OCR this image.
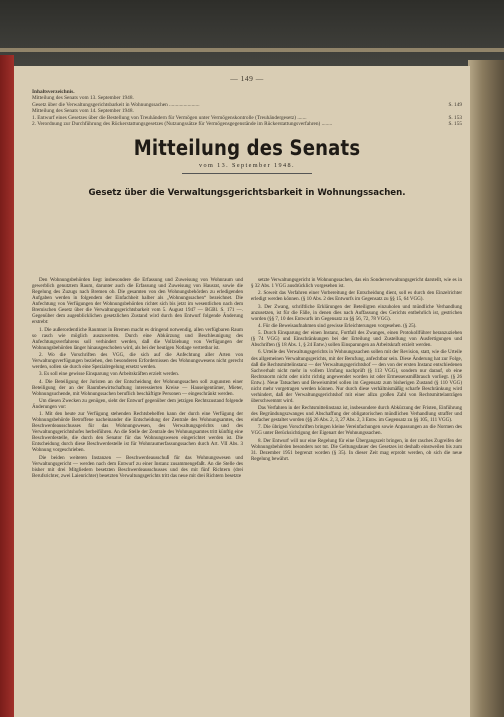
— 149 —
Inhaltsverzeichnis.
Mitteilung des Senats vom 13. September 1948.
Gesetz über die Verwaltungsgerichtsbarkeit in Wohnungssachen .......................	S. 149
Mitteilung des Senats vom 14. September 1948.
1. Entwurf eines Gesetzes über die Bestellung von Treuhändern für Vermögen unter Vermögenskontrolle (Treuhändergesetz) .......	S. 153
2. Verordnung zur Durchführung des Rückerstattungsgesetzes (Nutzungssätze für Vermögensgegenstände im Rückerstattungsverfahren) ........	S. 155
Mitteilung des Senats
vom 13. September 1948.
Gesetz über die Verwaltungsgerichtsbarkeit in Wohnungssachen.

Den Wohnungsbehörden liegt insbesondere die Erfassung und Zuweisung von Wohnraum und gewerblich genutztem Raum, darunter auch die Erfassung und Zuweisung von Hausrat, sowie die Regelung des Zuzugs nach Bremen ob. Die gesamten von den Wohnungsbehörden zu erledigenden Aufgaben werden in folgendem der Einfachheit halber als „Wohnungssachen“ bezeichnet. Die Anfechtung von Verfügungen der Wohnungsbehörden richtet sich bis jetzt im wesentlichen nach dem Bremischen Gesetz über die Verwaltungsgerichtsbarkeit vom 5. August 1947 — BGBl. S. 171 —. Gegenüber dem augenblicklichen gesetzlichen Zustand wird durch den Entwurf folgende Änderung erstrebt:

1. Die außerordentliche Raumnot in Bremen macht es dringend notwendig, allen verfügbaren Raum so rasch wie möglich auszuwerten. Durch eine Abkürzung und Beschleunigung des Anfechtungsverfahrens soll verhindert werden, daß die Vollziehung von Verfügungen der Wohnungsbehörden länger hinausgeschoben wird, als bei der heutigen Notlage vertretbar ist.

2. Wo die Vorschriften des VGG, die sich auf die Anfechtung aller Arten von Verwaltungsverfügungen beziehen, den besonderen Erfordernissen des Wohnungswesens nicht gerecht werden, sollen sie durch eine Spezialregelung ersetzt werden.

3. Es soll eine gewisse Einsparung von Arbeitskräften erzielt werden.

4. Die Beteiligung der Juristen an der Entscheidung der Wohnungssachen soll zugunsten einer Beteiligung der an der Raumbewirtschaftung interessierten Kreise — Hauseigentümer, Mieter, Wohnungsuchende, mit Wohnungssachen beruflich beschäftigte Personen — eingeschränkt werden.

Um diesen Zwecken zu genügen, sieht der Entwurf gegenüber dem jetzigen Rechtszustand folgende Änderungen vor:

1. Mit den heute zur Verfügung stehenden Rechtsbehelfen kann der durch eine Verfügung der Wohnungsbehörde Betroffene nacheinander die Entscheidung der Zentrale des Wohnungsamtes, des Beschwerdeausschusses für das Wohnungswesen, des Verwaltungsgerichts und des Verwaltungsgerichtshofes herbeiführen. An die Stelle der Zentrale des Wohnungsamtes tritt künftig eine Beschwerdestelle, die durch den Senator für das Wohnungswesen eingerichtet werden ist. Die Entscheidung durch diese Beschwerdestelle ist für Wohnraumerfassungssachen durch Art. VII Abs. 3 Wohnung vorgeschrieben.

Die beiden weiteren Instanzen — Beschwerdeausschuß für das Wohnungswesen und Verwaltungsgericht — werden nach dem Entwurf zu einer Instanz zusammengefaßt. An die Stelle des bisher mit drei Mitgliedern besetzten Beschwerdeausschusses und des mit fünf Richtern (drei Berufsrichter, zwei Laienrichter) besetzten Verwaltungsgerichts tritt das neue mit drei Richtern besetzte

setzte Verwaltungsgericht in Wohnungssachen, das ein Sonderverwaltungsgericht darstellt, wie es in § 32 Abs. 1 VGG ausdrücklich vorgesehen ist.

2. Soweit das Verfahren einer Vorbereitung der Entscheidung dient, soll es durch den Einzelrichter erledigt werden können. (§ 10 Abs. 2 des Entwurfs im Gegensatz zu §§ 15, 64 VGG).

3. Der Zwang, schriftliche Erklärungen der Beteiligten einzuholen und mündliche Verhandlung anzusetzen, ist für die Fälle, in denen dies nach Auffassung des Gerichts entbehrlich ist, gestrichen worden (§§ 7, 10 des Entwurfs im Gegensatz zu §§ 56, 72, 78 VGG).

4. Für die Beweisaufnahmen sind gewisse Erleichterungen vorgesehen. (§ 25).

5. Durch Einsparung der einen Instanz, Fortfall des Zwanges, einen Protokollführer heranzuziehen (§ 74 VGG) und Einschränkungen bei der Erteilung und Zustellung von Ausfertigungen und Abschriften (§ 18 Abs. 1, § 24 Entw.) sollen Einsparungen an Arbeitskraft erzielt werden.

6. Urteile des Verwaltungsgerichts in Wohnungssachen sollen mit der Revision, statt, wie die Urteile des allgemeinen Verwaltungsgerichts, mit der Berufung, anfechtbar sein. Diese Änderung hat zur Folge, daß die Rechtsmittelinstanz — der Verwaltungsgerichtshof — den von der ersten Instanz entschiedenen Sachverhalt nicht mehr in vollem Umfang nachprüft (§ 113 VGG), sondern nur darauf, ob eine Rechtsnorm nicht oder nicht richtig angewendet worden ist oder Ermessensmißbrauch vorliegt. (§ 26 Entw.). Neue Tatsachen und Beweismittel sollen im Gegensatz zum bisherigen Zustand (§ 110 VGG) nicht mehr vorgetragen werden können. Nur durch diese verhältnismäßig scharfe Beschränkung wird verhindert, daß der Verwaltungsgerichtshof mit einer allzu großen Zahl von Rechtsmittelanträgen überschwemmt wird.

Das Verfahren in der Rechtsmittelinstanz ist, insbesondere durch Abkürzung der Fristen, Einführung des Begründungszwanges und Abschaffung der obligatorischen mündlichen Verhandlung straffer und einfacher gestaltet worden (§§ 26 Abs. 2, 3, 27 Abs. 2, 3 Entw. im Gegensatz zu §§ 105, 111 VGG).

7. Die übrigen Vorschriften bringen kleine Vereinfachungen sowie Anpassungen an die Normen des VGG unter Berücksichtigung der Eigenart der Wohnungssachen.

8. Der Entwurf will nur eine Regelung für eine Übergangszeit bringen, in der rasches Zugreifen der Wohnungsbehörden besonders not tut. Die Geltungsdauer des Gesetzes ist deshalb einstweilen bis zum 31. Dezember 1951 begrenzt worden (§ 35). In dieser Zeit mag erprobt werden, ob sich die neue Regelung bewährt.
